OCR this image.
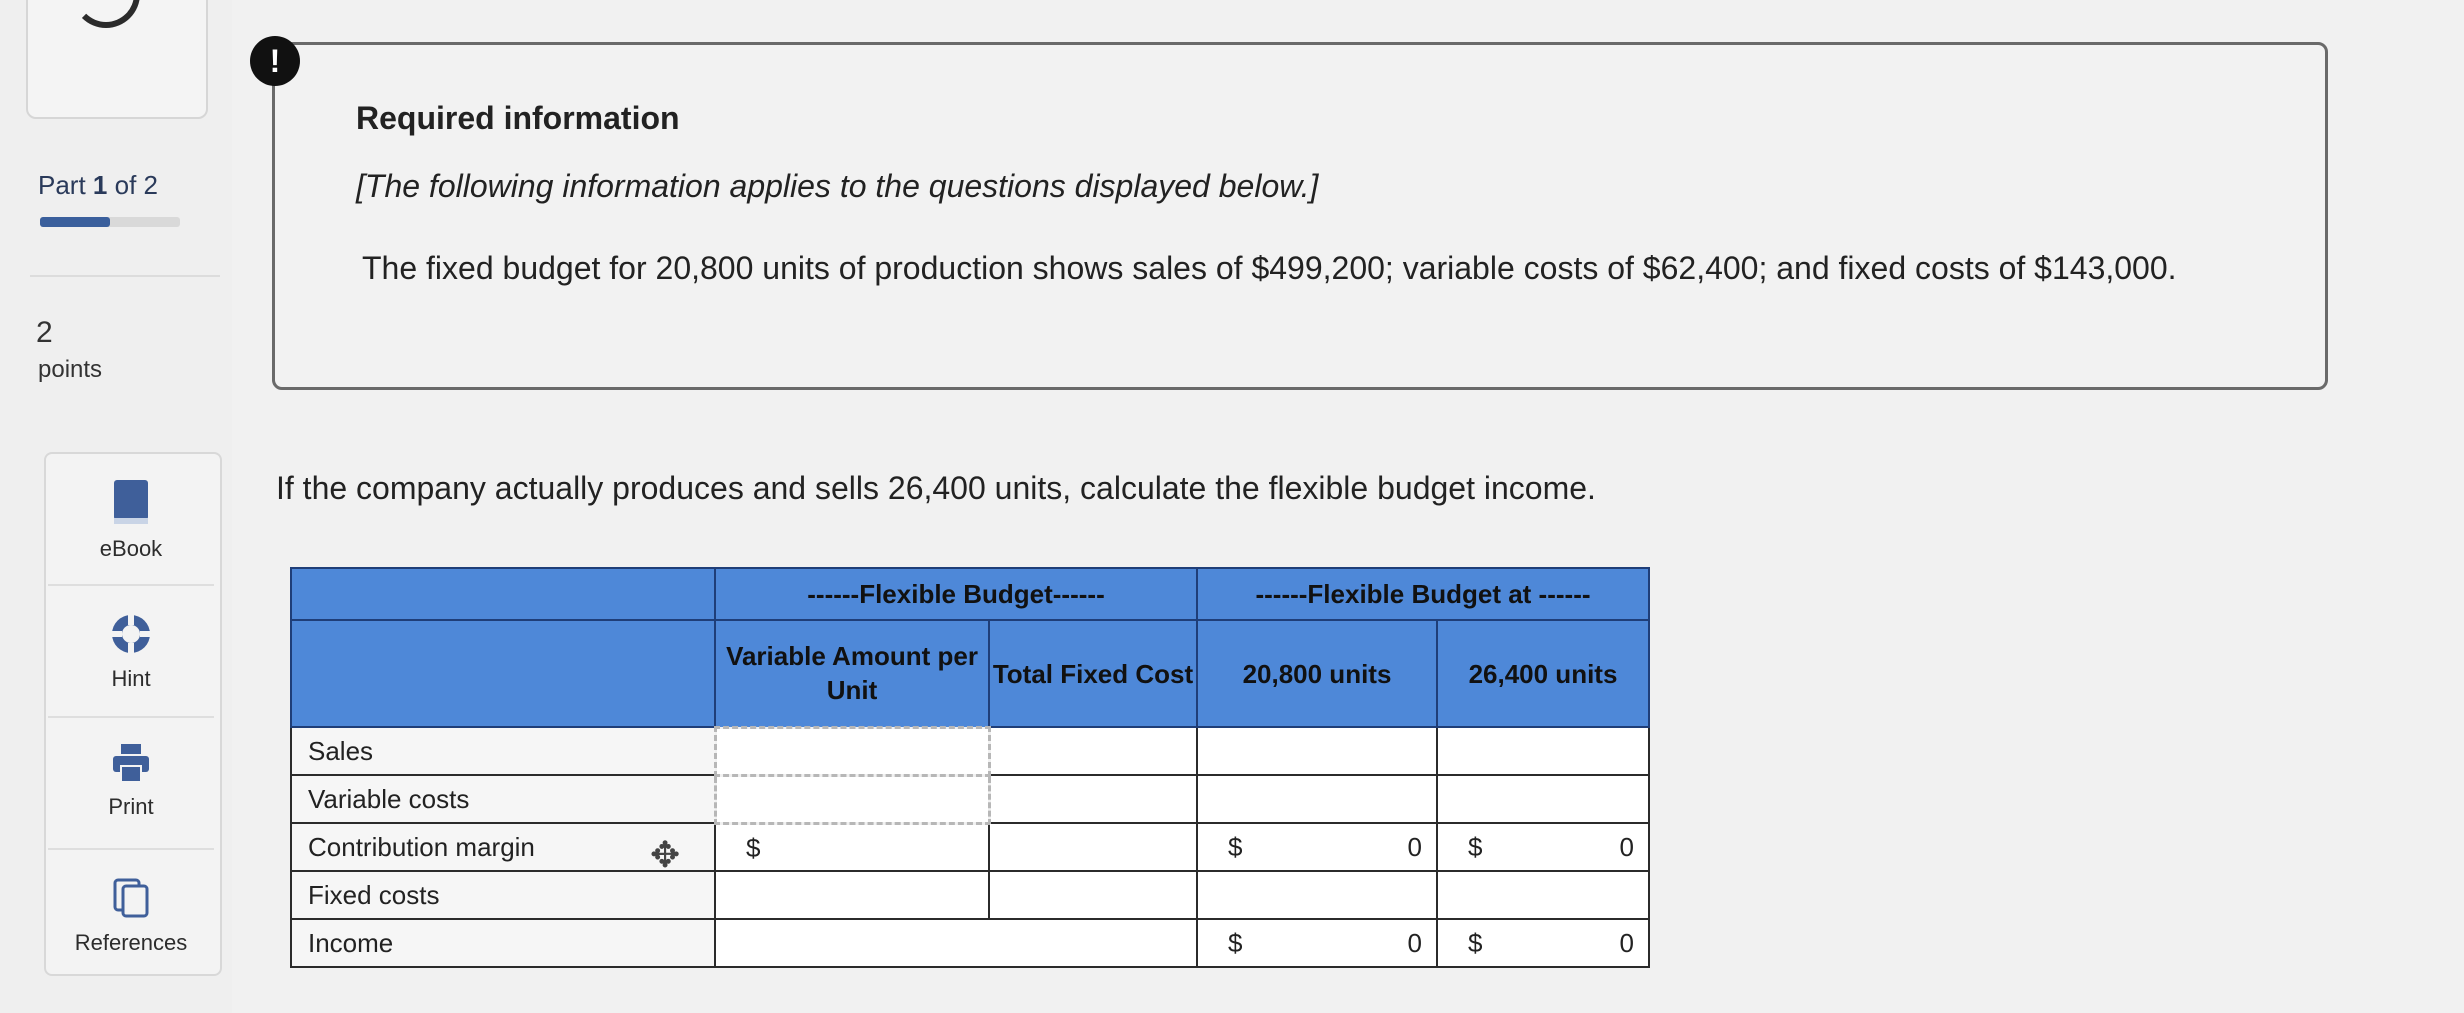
Part 1 of 2
2
points
eBook
Hint
Print
References
!
Required information
[The following information applies to the questions displayed below.]
The fixed budget for 20,800 units of production shows sales of $499,200; variable costs of $62,400; and fixed costs of $143,000.
If the company actually produces and sells 26,400 units, calculate the flexible budget income.
	------Flexible Budget------		------Flexible Budget at ------	
	Variable Amount per Unit	Total Fixed Cost	20,800 units	26,400 units
Sales				
Variable costs				
Contribution margin	$		$ 0	$ 0

Fixed costs				
Income			$ 0	$ 0
✥
